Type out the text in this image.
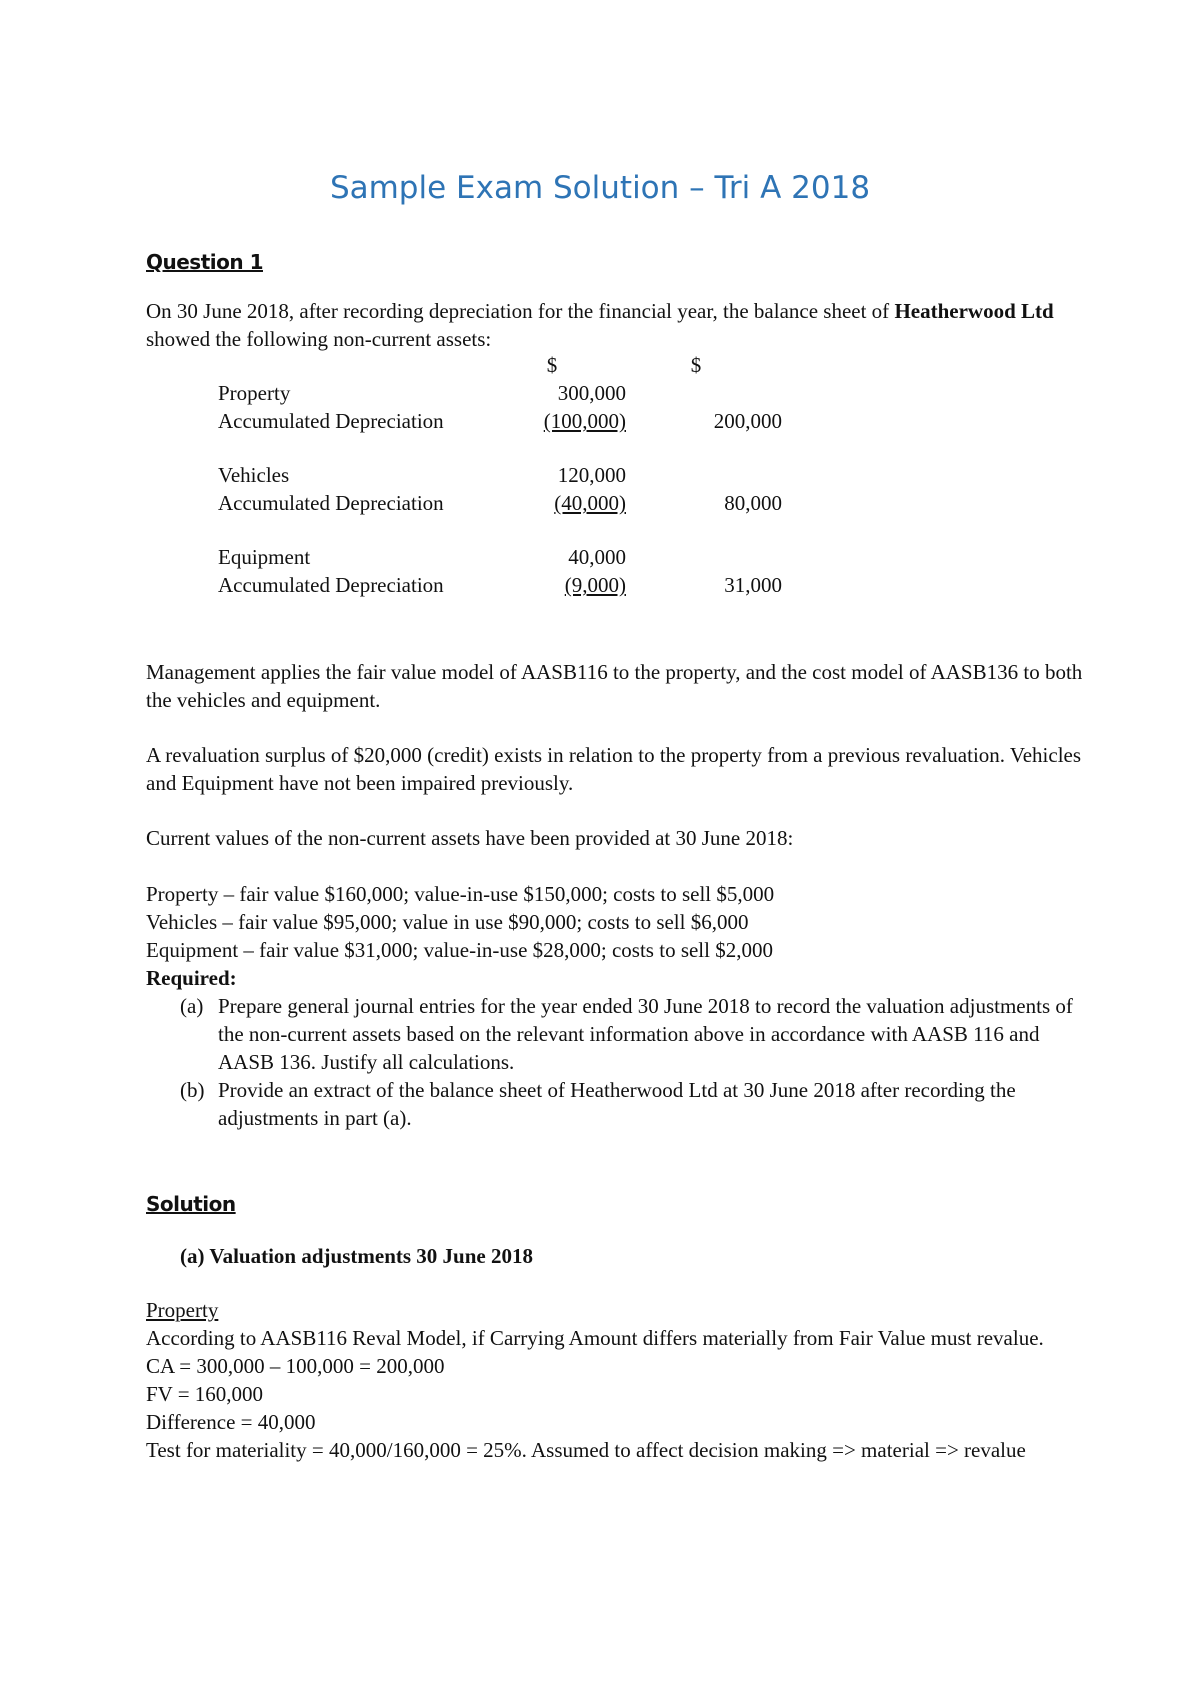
Sample Exam Solution – Tri A 2018
Question 1

On 30 June 2018, after recording depreciation for the financial year, the balance sheet of Heatherwood Ltd showed the following non-current assets:

$	$
Property	300,000
Accumulated Depreciation	(100,000)	200,000
Vehicles	120,000
Accumulated Depreciation	(40,000)	80,000
Equipment	40,000
Accumulated Depreciation	(9,000)	31,000
Management applies the fair value model of AASB116 to the property, and the cost model of AASB136 to both the vehicles and equipment.
A revaluation surplus of $20,000 (credit) exists in relation to the property from a previous revaluation. Vehicles and Equipment have not been impaired previously.
Current values of the non-current assets have been provided at 30 June 2018:

Property – fair value $160,000; value-in-use $150,000; costs to sell $5,000

Vehicles – fair value $95,000; value in use $90,000; costs to sell $6,000

Equipment – fair value $31,000; value-in-use $28,000; costs to sell $2,000

Required:

(a) Prepare general journal entries for the year ended 30 June 2018 to record the valuation adjustments of the non-current assets based on the relevant information above in accordance with AASB 116 and AASB 136. Justify all calculations.
(b) Provide an extract of the balance sheet of Heatherwood Ltd at 30 June 2018 after recording the adjustments in part (a).
Solution
(a) Valuation adjustments 30 June 2018

Property

According to AASB116 Reval Model, if Carrying Amount differs materially from Fair Value must revalue.

CA = 300,000 – 100,000 = 200,000

FV = 160,000

Difference = 40,000

Test for materiality = 40,000/160,000 = 25%. Assumed to affect decision making => material => revalue
